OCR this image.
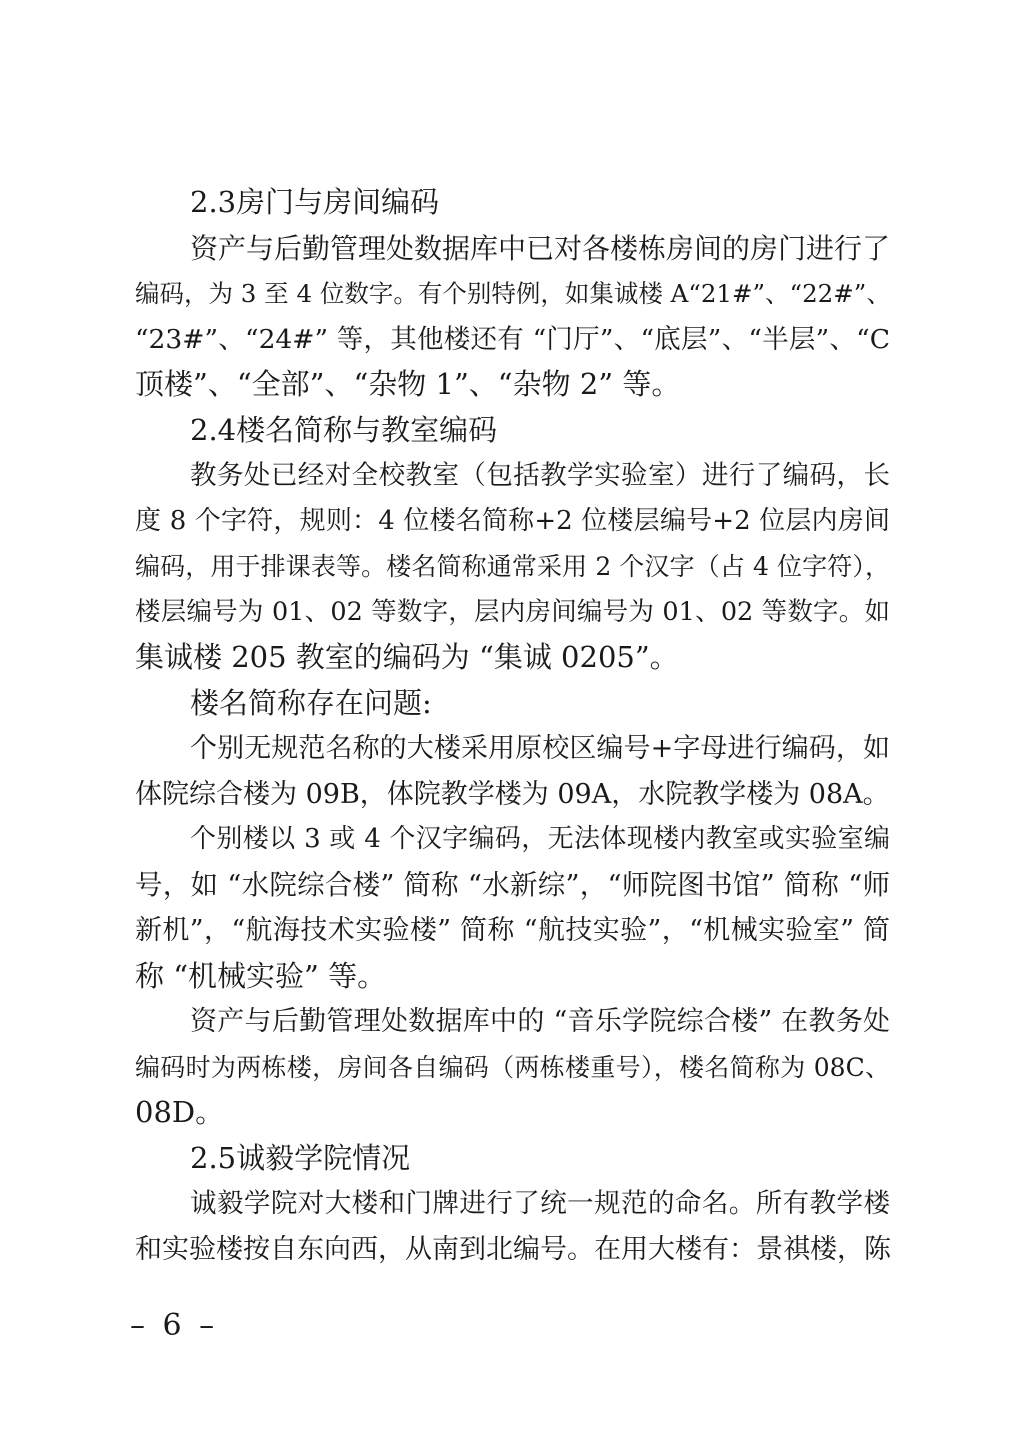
2.3房门与房间编码
资产与后勤管理处数据库中已对各楼栋房间的房门进行了
编码，为 3 至 4 位数字。有个别特例，如集诚楼 A“21#”、“22#”、
“23#”、“24#” 等，其他楼还有 “门厅”、“底层”、“半层”、“C
顶楼”、“全部”、“杂物 1”、“杂物 2” 等。
2.4楼名简称与教室编码
教务处已经对全校教室（包括教学实验室）进行了编码，长
度 8 个字符，规则：4 位楼名简称+2 位楼层编号+2 位层内房间
编码，用于排课表等。楼名简称通常采用 2 个汉字（占 4 位字符），
楼层编号为 01、02 等数字，层内房间编号为 01、02 等数字。如
集诚楼 205 教室的编码为 “集诚 0205”。
楼名简称存在问题:
个别无规范名称的大楼采用原校区编号+字母进行编码，如
体院综合楼为 09B，体院教学楼为 09A，水院教学楼为 08A。
个别楼以 3 或 4 个汉字编码，无法体现楼内教室或实验室编
号，如 “水院综合楼” 简称 “水新综”，“师院图书馆” 简称 “师
新机”，“航海技术实验楼” 简称 “航技实验”，“机械实验室” 简
称 “机械实验” 等。
资产与后勤管理处数据库中的 “音乐学院综合楼” 在教务处
编码时为两栋楼，房间各自编码（两栋楼重号），楼名简称为 08C、
08D。
2.5诚毅学院情况
诚毅学院对大楼和门牌进行了统一规范的命名。所有教学楼
和实验楼按自东向西，从南到北编号。在用大楼有：景祺楼，陈
– 6 –
